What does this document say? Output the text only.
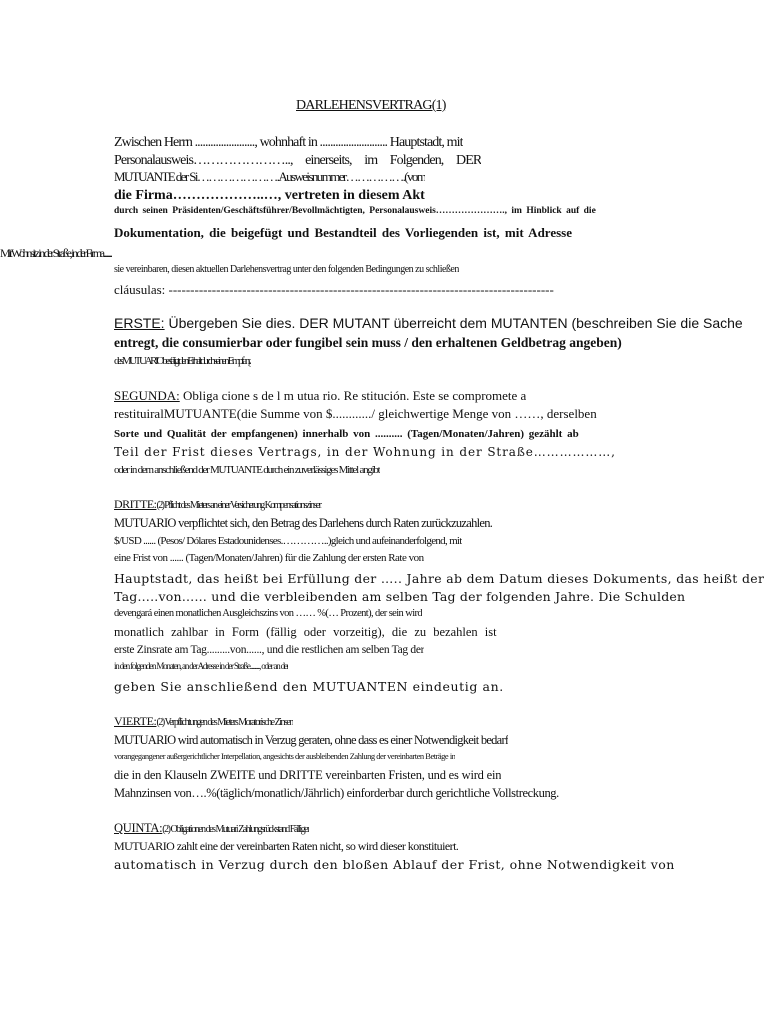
DARLEHENSVERTRAG(1)
Zwischen Herrn ......................., wohnhaft in .......................... Hauptstadt, mit
Personalausweis………………….., einerseits, im Folgenden, DER
MUTUANTE der Si………………….Ausweisnummer…………….(vom
die Firma………………..…, vertreten in diesem Akt
durch seinen Präsidenten/Geschäftsführer/Bevollmächtigten, Personalausweis…………………., im Hinblick auf die
Dokumentation, die beigefügt und Bestandteil des Vorliegenden ist, mit Adresse
Mit Wohnsitz in der Straße, in der Firma.............
sie vereinbaren, diesen aktuellen Darlehensvertrag unter den folgenden Bedingungen zu schließen
cláusulas: -----------------------------------------------------------------------------------------
ERSTE: Übergeben Sie dies. DER MUTANT überreicht dem MUTANTEN (beschreiben Sie die Sache
entregt, die consumierbar oder fungibel sein muss / den erhaltenen Geldbetrag angeben)
des MUTUARIO bestätigt den Erhalt durch seinen Empfang
SEGUNDA: Obliga cione s de l m utua rio. Re stitución. Este se compromete a
restituiralMUTUANTE(die Summe von $............/ gleichwertige Menge von ……, derselben
Sorte und Qualität der empfangenen) innerhalb von .......... (Tagen/Monaten/Jahren) gezählt ab
Teil der Frist dieses Vertrags, in der Wohnung in der Straße………………,
oder in dem anschließend der MUTUANTE durch ein zuverlässiges Mittel angibt
DRITTE:(2) Pflicht des Mieters an einer Versicherung Kompensationszinsen
MUTUARIO verpflichtet sich, den Betrag des Darlehens durch Raten zurückzuzahlen.
$/USD ...... (Pesos/ Dólares Estadounidenses.…………..)gleich und aufeinanderfolgend, mit
eine Frist von ...... (Tagen/Monaten/Jahren) für die Zahlung der ersten Rate von
Hauptstadt, das heißt bei Erfüllung der ….. Jahre ab dem Datum dieses Dokuments, das heißt der
Tag…..von…… und die verbleibenden am selben Tag der folgenden Jahre. Die Schulden
devengará einen monatlichen Ausgleichszins von …… %(… Prozent), der sein wird
monatlich zahlbar in Form (fällig oder vorzeitig), die zu bezahlen ist
erste Zinsrate am Tag.........von......, und die restlichen am selben Tag der
in den folgenden Monaten, an der Adresse in der Straße........., oder an der
geben Sie anschließend den MUTUANTEN eindeutig an.
VIERTE:(2) Verpflichtungen des Mieters Moratorische Zinsen
MUTUARIO wird automatisch in Verzug geraten, ohne dass es einer Notwendigkeit bedarf
vorangegangener außergerichtlicher Interpellation, angesichts der ausbleibenden Zahlung der vereinbarten Beträge in
die in den Klauseln ZWEITE und DRITTE vereinbarten Fristen, und es wird ein
Mahnzinsen von….%(täglich/monatlich/Jährlich) einforderbar durch gerichtliche Vollstreckung.
QUINTA:(2) Obligationen des Mutuari Zahlungsrückstand Fälliger
MUTUARIO zahlt eine der vereinbarten Raten nicht, so wird dieser konstituiert.
automatisch in Verzug durch den bloßen Ablauf der Frist, ohne Notwendigkeit von
